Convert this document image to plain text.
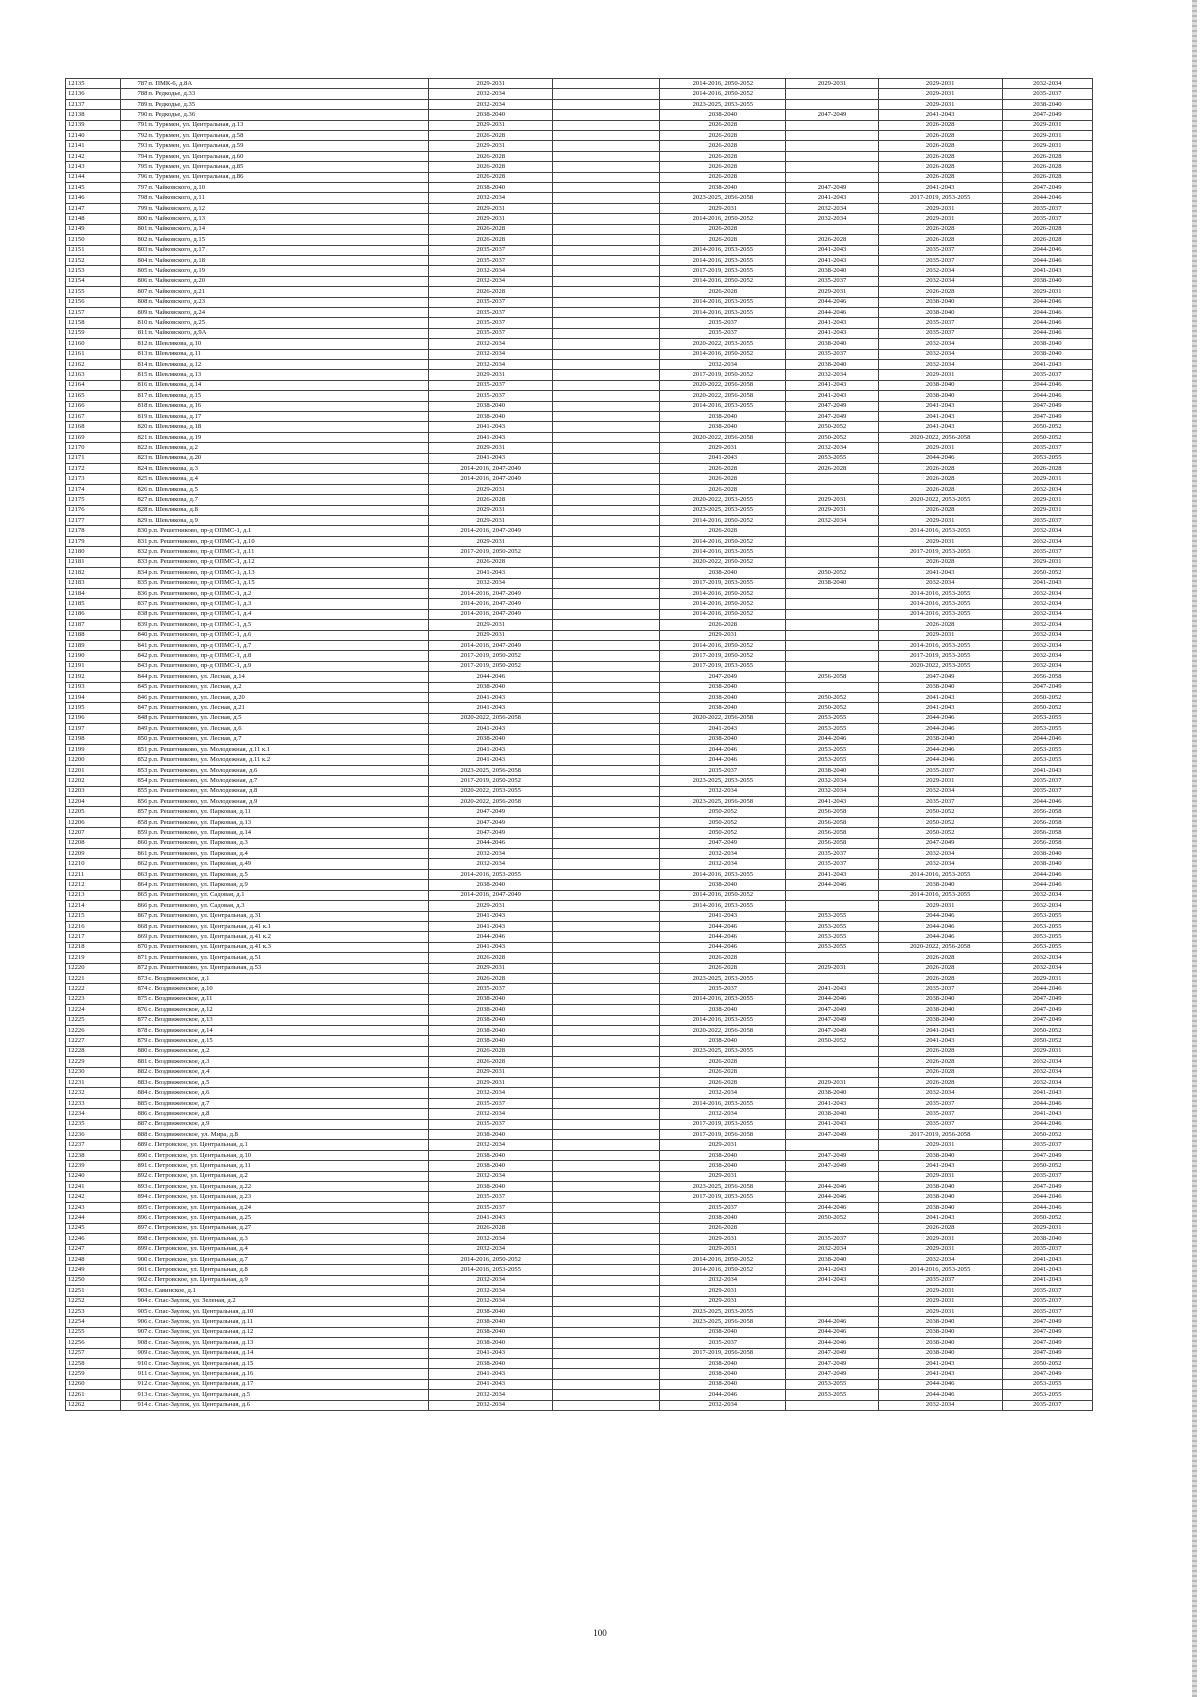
12135	787	п. ПМК-6, д.8А	2029-2031		2014-2016, 2050-2052	2029-2031	2029-2031	2032-2034
12136	788	п. Редкодье, д.33	2032-2034		2014-2016, 2050-2052		2029-2031	2035-2037
12137	789	п. Редкодье, д.35	2032-2034		2023-2025, 2053-2055		2029-2031	2038-2040
12138	790	п. Редкодье, д.36	2038-2040		2038-2040	2047-2049	2041-2043	2047-2049
12139	791	п. Туркмен, ул. Центральная, д.13	2029-2031		2026-2028		2026-2028	2029-2031
12140	792	п. Туркмен, ул. Центральная, д.58	2026-2028		2026-2028		2026-2028	2029-2031
12141	793	п. Туркмен, ул. Центральная, д.59	2029-2031		2026-2028		2026-2028	2029-2031
12142	794	п. Туркмен, ул. Центральная, д.60	2026-2028		2026-2028		2026-2028	2026-2028
12143	795	п. Туркмен, ул. Центральная, д.85	2026-2028		2026-2028		2026-2028	2026-2028
12144	796	п. Туркмен, ул. Центральная, д.86	2026-2028		2026-2028		2026-2028	2026-2028
12145	797	п. Чайковского, д.10	2038-2040		2038-2040	2047-2049	2041-2043	2047-2049
12146	798	п. Чайковского, д.11	2032-2034		2023-2025, 2056-2058	2041-2043	2017-2019, 2053-2055	2044-2046
12147	799	п. Чайковского, д.12	2029-2031		2029-2031	2032-2034	2029-2031	2035-2037
12148	800	п. Чайковского, д.13	2029-2031		2014-2016, 2050-2052	2032-2034	2029-2031	2035-2037
12149	801	п. Чайковского, д.14	2026-2028		2026-2028		2026-2028	2026-2028
12150	802	п. Чайковского, д.15	2026-2028		2026-2028	2026-2028	2026-2028	2026-2028
12151	803	п. Чайковского, д.17	2035-2037		2014-2016, 2053-2055	2041-2043	2035-2037	2044-2046
12152	804	п. Чайковского, д.18	2035-2037		2014-2016, 2053-2055	2041-2043	2035-2037	2044-2046
12153	805	п. Чайковского, д.19	2032-2034		2017-2019, 2053-2055	2038-2040	2032-2034	2041-2043
12154	806	п. Чайковского, д.20	2032-2034		2014-2016, 2050-2052	2035-2037	2032-2034	2038-2040
12155	807	п. Чайковского, д.21	2026-2028		2026-2028	2029-2031	2026-2028	2029-2031
12156	808	п. Чайковского, д.23	2035-2037		2014-2016, 2053-2055	2044-2046	2038-2040	2044-2046
12157	809	п. Чайковского, д.24	2035-2037		2014-2016, 2053-2055	2044-2046	2038-2040	2044-2046
12158	810	п. Чайковского, д.25	2035-2037		2035-2037	2041-2043	2035-2037	2044-2046
12159	811	п. Чайковского, д.9А	2035-2037		2035-2037	2041-2043	2035-2037	2044-2046
12160	812	п. Шевлякова, д.10	2032-2034		2020-2022, 2053-2055	2038-2040	2032-2034	2038-2040
12161	813	п. Шевлякова, д.11	2032-2034		2014-2016, 2050-2052	2035-2037	2032-2034	2038-2040
12162	814	п. Шевлякова, д.12	2032-2034		2032-2034	2038-2040	2032-2034	2041-2043
12163	815	п. Шевлякова, д.13	2029-2031		2017-2019, 2050-2052	2032-2034	2029-2031	2035-2037
12164	816	п. Шевлякова, д.14	2035-2037		2020-2022, 2056-2058	2041-2043	2038-2040	2044-2046
12165	817	п. Шевлякова, д.15	2035-2037		2020-2022, 2056-2058	2041-2043	2038-2040	2044-2046
12166	818	п. Шевлякова, д.16	2038-2040		2014-2016, 2053-2055	2047-2049	2041-2043	2047-2049
12167	819	п. Шевлякова, д.17	2038-2040		2038-2040	2047-2049	2041-2043	2047-2049
12168	820	п. Шевлякова, д.18	2041-2043		2038-2040	2050-2052	2041-2043	2050-2052
12169	821	п. Шевлякова, д.19	2041-2043		2020-2022, 2056-2058	2050-2052	2020-2022, 2056-2058	2050-2052
12170	822	п. Шевлякова, д.2	2029-2031		2029-2031	2032-2034	2029-2031	2035-2037
12171	823	п. Шевлякова, д.20	2041-2043		2041-2043	2053-2055	2044-2046	2053-2055
12172	824	п. Шевлякова, д.3	2014-2016, 2047-2049		2026-2028	2026-2028	2026-2028	2026-2028
12173	825	п. Шевлякова, д.4	2014-2016, 2047-2049		2026-2028		2026-2028	2029-2031
12174	826	п. Шевлякова, д.5	2029-2031		2026-2028		2026-2028	2032-2034
12175	827	п. Шевлякова, д.7	2026-2028		2020-2022, 2053-2055	2029-2031	2020-2022, 2053-2055	2029-2031
12176	828	п. Шевлякова, д.8	2029-2031		2023-2025, 2053-2055	2029-2031	2026-2028	2029-2031
12177	829	п. Шевлякова, д.9	2029-2031		2014-2016, 2050-2052	2032-2034	2029-2031	2035-2037
12178	830	р.п. Решетниково, пр-д ОПМС-1, д.1	2014-2016, 2047-2049		2026-2028		2014-2016, 2053-2055	2032-2034
12179	831	р.п. Решетниково, пр-д ОПМС-1, д.10	2029-2031		2014-2016, 2050-2052		2029-2031	2032-2034
12180	832	р.п. Решетниково, пр-д ОПМС-1, д.11	2017-2019, 2050-2052		2014-2016, 2053-2055		2017-2019, 2053-2055	2035-2037
12181	833	р.п. Решетниково, пр-д ОПМС-1, д.12	2026-2028		2020-2022, 2050-2052		2026-2028	2029-2031
12182	834	р.п. Решетниково, пр-д ОПМС-1, д.13	2041-2043		2038-2040	2050-2052	2041-2043	2050-2052
12183	835	р.п. Решетниково, пр-д ОПМС-1, д.15	2032-2034		2017-2019, 2053-2055	2038-2040	2032-2034	2041-2043
12184	836	р.п. Решетниково, пр-д ОПМС-1, д.2	2014-2016, 2047-2049		2014-2016, 2050-2052		2014-2016, 2053-2055	2032-2034
12185	837	р.п. Решетниково, пр-д ОПМС-1, д.3	2014-2016, 2047-2049		2014-2016, 2050-2052		2014-2016, 2053-2055	2032-2034
12186	838	р.п. Решетниково, пр-д ОПМС-1, д.4	2014-2016, 2047-2049		2014-2016, 2050-2052		2014-2016, 2053-2055	2032-2034
12187	839	р.п. Решетниково, пр-д ОПМС-1, д.5	2029-2031		2026-2028		2026-2028	2032-2034
12188	840	р.п. Решетниково, пр-д ОПМС-1, д.6	2029-2031		2029-2031		2029-2031	2032-2034
12189	841	р.п. Решетниково, пр-д ОПМС-1, д.7	2014-2016, 2047-2049		2014-2016, 2050-2052		2014-2016, 2053-2055	2032-2034
12190	842	р.п. Решетниково, пр-д ОПМС-1, д.8	2017-2019, 2050-2052		2017-2019, 2050-2052		2017-2019, 2053-2055	2032-2034
12191	843	р.п. Решетниково, пр-д ОПМС-1, д.9	2017-2019, 2050-2052		2017-2019, 2053-2055		2020-2022, 2053-2055	2032-2034
12192	844	р.п. Решетниково, ул. Лесная, д.14	2044-2046		2047-2049	2056-2058	2047-2049	2056-2058
12193	845	р.п. Решетниково, ул. Лесная, д.2	2038-2040		2038-2040		2038-2040	2047-2049
12194	846	р.п. Решетниково, ул. Лесная, д.20	2041-2043		2038-2040	2050-2052	2041-2043	2050-2052
12195	847	р.п. Решетниково, ул. Лесная, д.21	2041-2043		2038-2040	2050-2052	2041-2043	2050-2052
12196	848	р.п. Решетниково, ул. Лесная, д.5	2020-2022, 2056-2058		2020-2022, 2056-2058	2053-2055	2044-2046	2053-2055
12197	849	р.п. Решетниково, ул. Лесная, д.6	2041-2043		2041-2043	2053-2055	2044-2046	2053-2055
12198	850	р.п. Решетниково, ул. Лесная, д.7	2038-2040		2038-2040	2044-2046	2038-2040	2044-2046
12199	851	р.п. Решетниково, ул. Молодежная, д.11 к.1	2041-2043		2044-2046	2053-2055	2044-2046	2053-2055
12200	852	р.п. Решетниково, ул. Молодежная, д.11 к.2	2041-2043		2044-2046	2053-2055	2044-2046	2053-2055
12201	853	р.п. Решетниково, ул. Молодежная, д.6	2023-2025, 2056-2058		2035-2037	2038-2040	2035-2037	2041-2043
12202	854	р.п. Решетниково, ул. Молодежная, д.7	2017-2019, 2050-2052		2023-2025, 2053-2055	2032-2034	2029-2031	2035-2037
12203	855	р.п. Решетниково, ул. Молодежная, д.8	2020-2022, 2053-2055		2032-2034	2032-2034	2032-2034	2035-2037
12204	856	р.п. Решетниково, ул. Молодежная, д.9	2020-2022, 2056-2058		2023-2025, 2056-2058	2041-2043	2035-2037	2044-2046
12205	857	р.п. Решетниково, ул. Парковая, д.11	2047-2049		2050-2052	2056-2058	2050-2052	2056-2058
12206	858	р.п. Решетниково, ул. Парковая, д.13	2047-2049		2050-2052	2056-2058	2050-2052	2056-2058
12207	859	р.п. Решетниково, ул. Парковая, д.14	2047-2049		2050-2052	2056-2058	2050-2052	2056-2058
12208	860	р.п. Решетниково, ул. Парковая, д.3	2044-2046		2047-2049	2056-2058	2047-2049	2056-2058
12209	861	р.п. Решетниково, ул. Парковая, д.4	2032-2034		2032-2034	2035-2037	2032-2034	2038-2040
12210	862	р.п. Решетниково, ул. Парковая, д.49	2032-2034		2032-2034	2035-2037	2032-2034	2038-2040
12211	863	р.п. Решетниково, ул. Парковая, д.5	2014-2016, 2053-2055		2014-2016, 2053-2055	2041-2043	2014-2016, 2053-2055	2044-2046
12212	864	р.п. Решетниково, ул. Парковая, д.9	2038-2040		2038-2040	2044-2046	2038-2040	2044-2046
12213	865	р.п. Решетниково, ул. Садовая, д.1	2014-2016, 2047-2049		2014-2016, 2050-2052		2014-2016, 2053-2055	2032-2034
12214	866	р.п. Решетниково, ул. Садовая, д.3	2029-2031		2014-2016, 2053-2055		2029-2031	2032-2034
12215	867	р.п. Решетниково, ул. Центральная, д.31	2041-2043		2041-2043	2053-2055	2044-2046	2053-2055
12216	868	р.п. Решетниково, ул. Центральная, д.41 к.1	2041-2043		2044-2046	2053-2055	2044-2046	2053-2055
12217	869	р.п. Решетниково, ул. Центральная, д.41 к.2	2044-2046		2044-2046	2053-2055	2044-2046	2053-2055
12218	870	р.п. Решетниково, ул. Центральная, д.41 к.3	2041-2043		2044-2046	2053-2055	2020-2022, 2056-2058	2053-2055
12219	871	р.п. Решетниково, ул. Центральная, д.51	2026-2028		2026-2028		2026-2028	2032-2034
12220	872	р.п. Решетниково, ул. Центральная, д.53	2029-2031		2026-2028	2029-2031	2026-2028	2032-2034
12221	873	с. Воздвиженское, д.1	2026-2028		2023-2025, 2053-2055		2026-2028	2029-2031
12222	874	с. Воздвиженское, д.10	2035-2037		2035-2037	2041-2043	2035-2037	2044-2046
12223	875	с. Воздвиженское, д.11	2038-2040		2014-2016, 2053-2055	2044-2046	2038-2040	2047-2049
12224	876	с. Воздвиженское, д.12	2038-2040		2038-2040	2047-2049	2038-2040	2047-2049
12225	877	с. Воздвиженское, д.13	2038-2040		2014-2016, 2053-2055	2047-2049	2038-2040	2047-2049
12226	878	с. Воздвиженское, д.14	2038-2040		2020-2022, 2056-2058	2047-2049	2041-2043	2050-2052
12227	879	с. Воздвиженское, д.15	2038-2040		2038-2040	2050-2052	2041-2043	2050-2052
12228	880	с. Воздвиженское, д.2	2026-2028		2023-2025, 2053-2055		2026-2028	2029-2031
12229	881	с. Воздвиженское, д.3	2026-2028		2026-2028		2026-2028	2032-2034
12230	882	с. Воздвиженское, д.4	2029-2031		2026-2028		2026-2028	2032-2034
12231	883	с. Воздвиженское, д.5	2029-2031		2026-2028	2029-2031	2026-2028	2032-2034
12232	884	с. Воздвиженское, д.6	2032-2034		2032-2034	2038-2040	2032-2034	2041-2043
12233	885	с. Воздвиженское, д.7	2035-2037		2014-2016, 2053-2055	2041-2043	2035-2037	2044-2046
12234	886	с. Воздвиженское, д.8	2032-2034		2032-2034	2038-2040	2035-2037	2041-2043
12235	887	с. Воздвиженское, д.9	2035-2037		2017-2019, 2053-2055	2041-2043	2035-2037	2044-2046
12236	888	с. Воздвиженское, ул. Мира, д.8	2038-2040		2017-2019, 2056-2058	2047-2049	2017-2019, 2056-2058	2050-2052
12237	889	с. Петровское, ул. Центральная, д.1	2032-2034		2029-2031		2029-2031	2035-2037
12238	890	с. Петровское, ул. Центральная, д.10	2038-2040		2038-2040	2047-2049	2038-2040	2047-2049
12239	891	с. Петровское, ул. Центральная, д.11	2038-2040		2038-2040	2047-2049	2041-2043	2050-2052
12240	892	с. Петровское, ул. Центральная, д.2	2032-2034		2029-2031		2029-2031	2035-2037
12241	893	с. Петровское, ул. Центральная, д.22	2038-2040		2023-2025, 2056-2058	2044-2046	2038-2040	2047-2049
12242	894	с. Петровское, ул. Центральная, д.23	2035-2037		2017-2019, 2053-2055	2044-2046	2038-2040	2044-2046
12243	895	с. Петровское, ул. Центральная, д.24	2035-2037		2035-2037	2044-2046	2038-2040	2044-2046
12244	896	с. Петровское, ул. Центральная, д.25	2041-2043		2038-2040	2050-2052	2041-2043	2050-2052
12245	897	с. Петровское, ул. Центральная, д.27	2026-2028		2026-2028		2026-2028	2029-2031
12246	898	с. Петровское, ул. Центральная, д.3	2032-2034		2029-2031	2035-2037	2029-2031	2038-2040
12247	899	с. Петровское, ул. Центральная, д.4	2032-2034		2029-2031	2032-2034	2029-2031	2035-2037
12248	900	с. Петровское, ул. Центральная, д.7	2014-2016, 2050-2052		2014-2016, 2050-2052	2038-2040	2032-2034	2041-2043
12249	901	с. Петровское, ул. Центральная, д.8	2014-2016, 2053-2055		2014-2016, 2050-2052	2041-2043	2014-2016, 2053-2055	2041-2043
12250	902	с. Петровское, ул. Центральная, д.9	2032-2034		2032-2034	2041-2043	2035-2037	2041-2043
12251	903	с. Савинское, д.1	2032-2034		2029-2031		2029-2031	2035-2037
12252	904	с. Спас-Заулок, ул. Зеленая, д.2	2032-2034		2029-2031		2029-2031	2035-2037
12253	905	с. Спас-Заулок, ул. Центральная, д.10	2038-2040		2023-2025, 2053-2055		2029-2031	2035-2037
12254	906	с. Спас-Заулок, ул. Центральная, д.11	2038-2040		2023-2025, 2056-2058	2044-2046	2038-2040	2047-2049
12255	907	с. Спас-Заулок, ул. Центральная, д.12	2038-2040		2038-2040	2044-2046	2038-2040	2047-2049
12256	908	с. Спас-Заулок, ул. Центральная, д.13	2038-2040		2035-2037	2044-2046	2038-2040	2047-2049
12257	909	с. Спас-Заулок, ул. Центральная, д.14	2041-2043		2017-2019, 2056-2058	2047-2049	2038-2040	2047-2049
12258	910	с. Спас-Заулок, ул. Центральная, д.15	2038-2040		2038-2040	2047-2049	2041-2043	2050-2052
12259	911	с. Спас-Заулок, ул. Центральная, д.16	2041-2043		2038-2040	2047-2049	2041-2043	2047-2049
12260	912	с. Спас-Заулок, ул. Центральная, д.17	2041-2043		2038-2040	2053-2055	2044-2046	2053-2055
12261	913	с. Спас-Заулок, ул. Центральная, д.5	2032-2034		2044-2046	2053-2055	2044-2046	2053-2055
12262	914	с. Спас-Заулок, ул. Центральная, д.6	2032-2034		2032-2034		2032-2034	2035-2037
100
